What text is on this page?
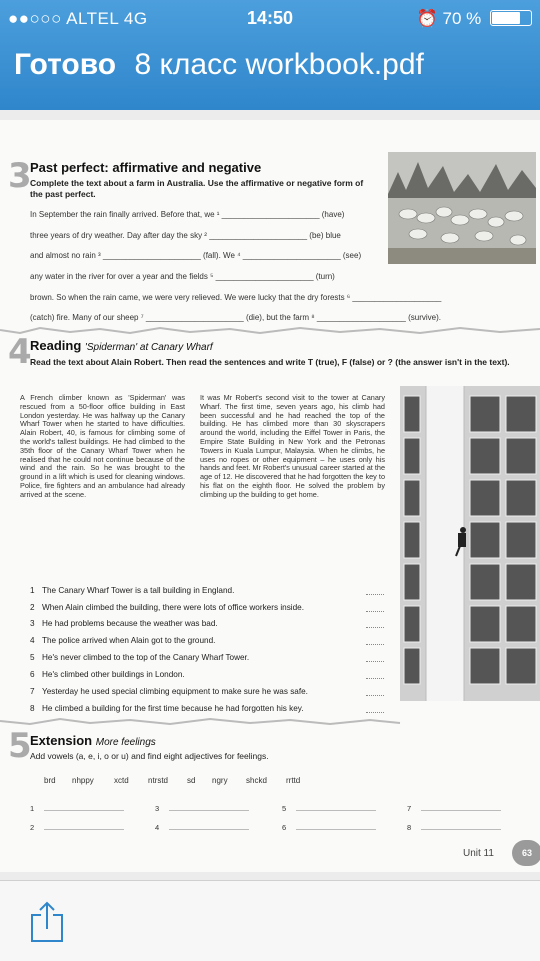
●●○○○ ALTEL 4G	14:50	⏰ 70 %
Готово 8 класс workbook.pdf
3
Past perfect: affirmative and negative
Complete the text about a farm in Australia. Use the affirmative or negative form of the past perfect.
In September the rain finally arrived. Before that, we ¹ ______________________ (have)
three years of dry weather. Day after day the sky ² ______________________ (be) blue
and almost no rain ³ ______________________ (fall). We ⁴ ______________________ (see)
any water in the river for over a year and the fields ⁵ ______________________ (turn)
brown. So when the rain came, we were very relieved. We were lucky that the dry forests ⁶ ____________________
(catch) fire. Many of our sheep ⁷ ______________________ (die), but the farm ⁸ ____________________ (survive).
4
Reading 'Spiderman' at Canary Wharf
Read the text about Alain Robert. Then read the sentences and write T (true), F (false) or ? (the answer isn't in the text).
A French climber known as 'Spiderman' was rescued from a 50-floor office building in East London yesterday. He was halfway up the Canary Wharf Tower when he started to have difficulties. Alain Robert, 40, is famous for climbing some of the world's tallest buildings. He had climbed to the 35th floor of the Canary Wharf Tower when he realised that he could not continue because of the wind and the rain. So he was brought to the ground in a lift which is used for cleaning windows. Police, fire fighters and an ambulance had already arrived at the scene.
It was Mr Robert's second visit to the tower at Canary Wharf. The first time, seven years ago, his climb had been successful and he had reached the top of the building. He has climbed more than 30 skyscrapers around the world, including the Eiffel Tower in Paris, the Empire State Building in New York and the Petronas Towers in Kuala Lumpur, Malaysia. When he climbs, he uses no ropes or other equipment – he uses only his hands and feet. Mr Robert's unusual career started at the age of 12. He discovered that he had forgotten the key to his flat on the eighth floor. He solved the problem by climbing up the building to get home.
1 The Canary Wharf Tower is a tall building in England.
2 When Alain climbed the building, there were lots of office workers inside.
3 He had problems because the weather was bad.
4 The police arrived when Alain got to the ground.
5 He's never climbed to the top of the Canary Wharf Tower.
6 He's climbed other buildings in London.
7 Yesterday he used special climbing equipment to make sure he was safe.
8 He climbed a building for the first time because he had forgotten his key.
5
Extension More feelings
Add vowels (a, e, i, o or u) and find eight adjectives for feelings.
brd nhppy	xctd ntrstd sd ngry shckd rrttd
1	3	5	7
2	4	6	8
Unit 11	63
